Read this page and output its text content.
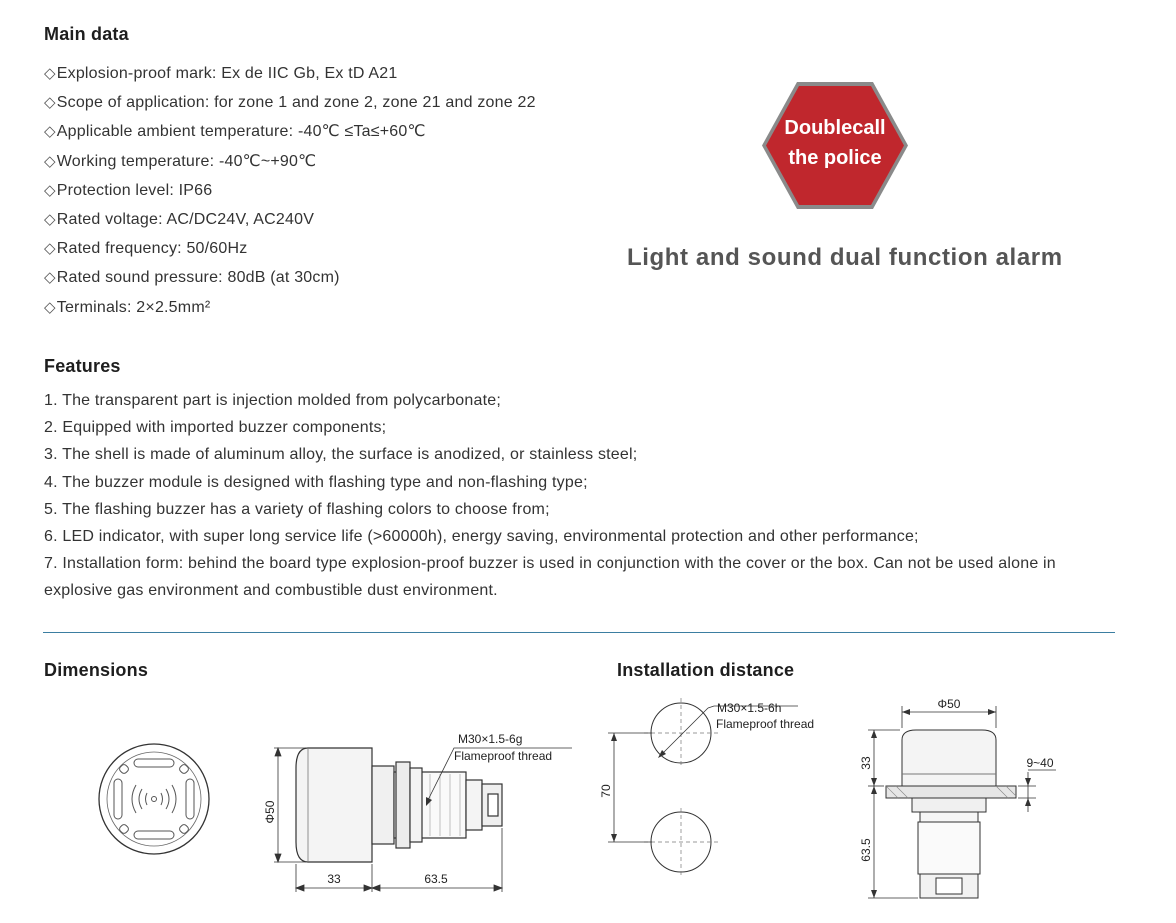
Main data
◇Explosion-proof mark: Ex de IIC Gb, Ex tD A21
◇Scope of application: for zone 1 and zone 2, zone 21 and zone 22
◇Applicable ambient temperature: -40℃ ≤Ta≤+60℃
◇Working temperature: -40℃~+90℃
◇Protection level: IP66
◇Rated voltage: AC/DC24V, AC240V
◇Rated frequency: 50/60Hz
◇Rated sound pressure: 80dB (at 30cm)
◇Terminals: 2×2.5mm²
Doublecall
the police
Light and sound dual function alarm
Features
1. The transparent part is injection molded from polycarbonate;
2. Equipped with imported buzzer components;
3. The shell is made of aluminum alloy, the surface is anodized, or stainless steel;
4. The buzzer module is designed with flashing type and non-flashing type;
5. The flashing buzzer has a variety of flashing colors to choose from;
6. LED indicator, with super long service life (>60000h), energy saving, environmental protection and other performance;
7. Installation form: behind the board type explosion-proof buzzer is used in conjunction with the cover or the box. Can not be used alone in explosive gas environment and combustible dust environment.
Dimensions	Installation distance
Φ50
33	63.5
M30×1.5-6g
Flameproof thread
70
M30×1.5-6h
Flameproof thread
Φ50
33
63.5
9~40
